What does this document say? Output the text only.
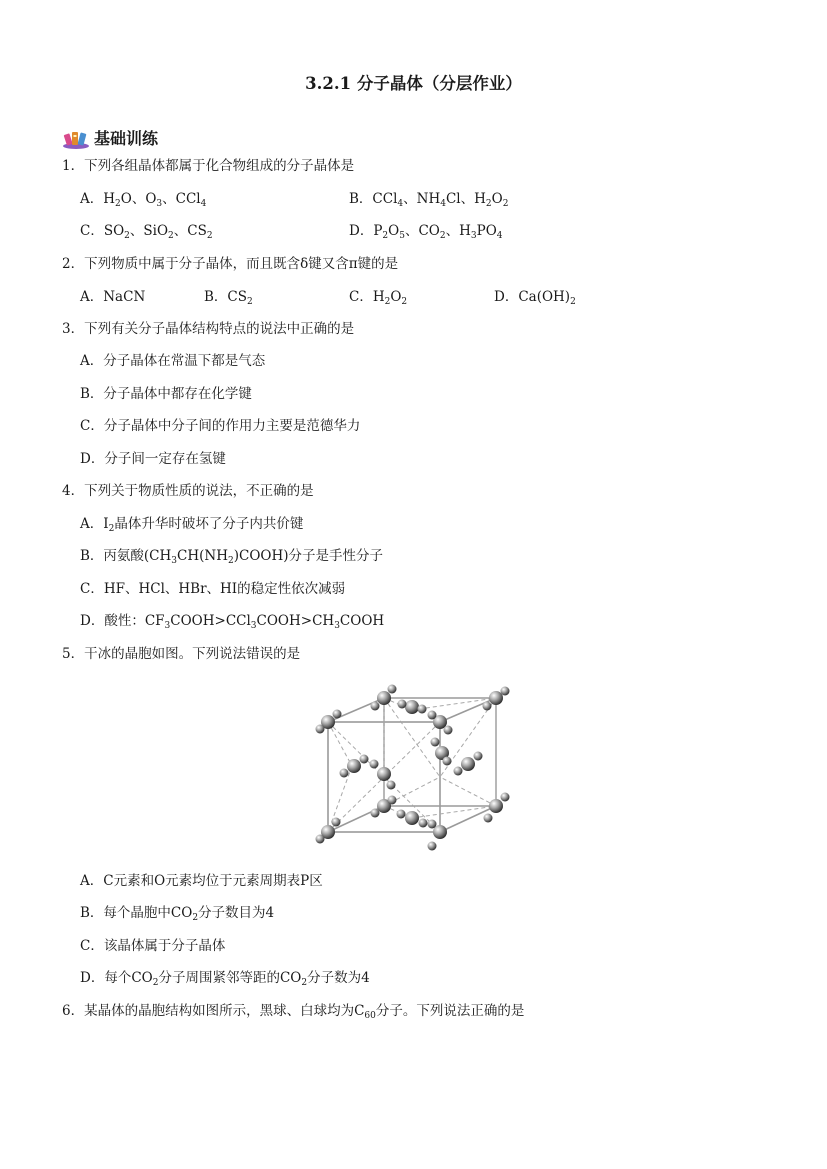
3.2.1 分子晶体（分层作业）
基础训练
1．下列各组晶体都属于化合物组成的分子晶体是
A．$H_2O$、$O_3$、CCl$_4$	B．CCl$_4$、$NH_4Cl$、$H_2O_2$
C．$SO_2$、SiO$_2$、$CS_2$	D．$P_2O_5$、$CO_2$、$H_3PO_4$
2．下列物质中属于分子晶体，而且既含δ键又含π键的是
A．NaCN	B．$CS_2$	C．$H_2O_2$	D．$Ca(OH)_2$
3．下列有关分子晶体结构特点的说法中正确的是
A．分子晶体在常温下都是气态
B．分子晶体中都存在化学键
C．分子晶体中分子间的作用力主要是范德华力
D．分子间一定存在氢键
4．下列关于物质性质的说法，不正确的是
A．$I_2$晶体升华时破坏了分子内共价键
B．丙氨酸$(CH_3CH(NH_2)COOH)$分子是手性分子
C．HF、HCl、HBr、HI的稳定性依次减弱
D．酸性：$CF_3COOH>CCl_3COOH>CH_3COOH$
5．干冰的晶胞如图。下列说法错误的是
A．C元素和O元素均位于元素周期表P区
B．每个晶胞中$CO_2$分子数目为4
C．该晶体属于分子晶体
D．每个$CO_2$分子周围紧邻等距的$CO_2$分子数为4
6．某晶体的晶胞结构如图所示，黑球、白球均为$C_{60}$分子。下列说法正确的是
